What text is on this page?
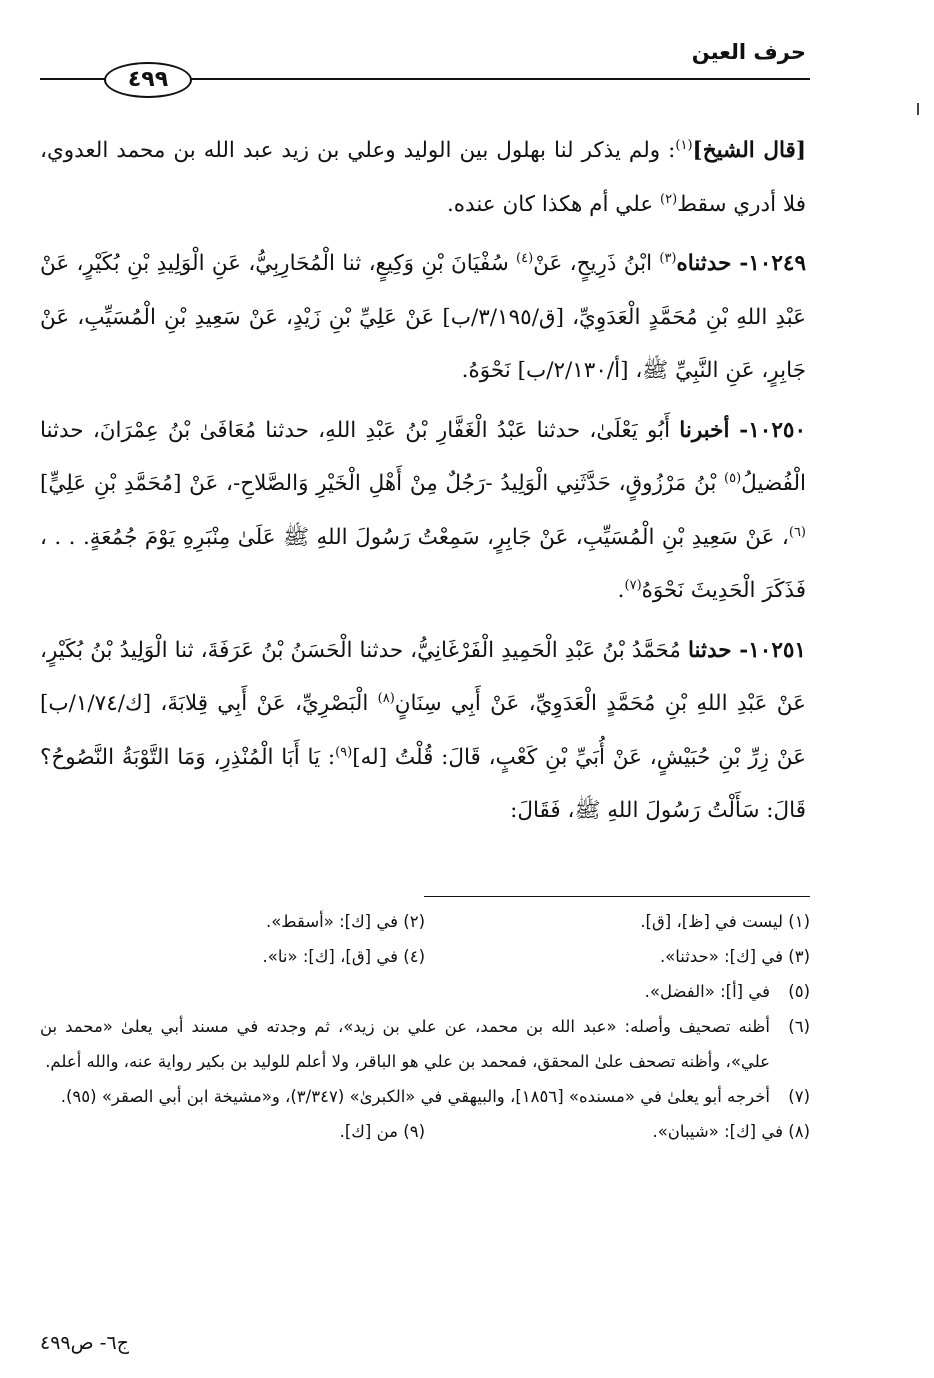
حرف العين
٤٩٩

[قال الشيخ]$^{(١)}$: ولم يذكر لنا بهلول بين الوليد وعلي بن زيد عبد الله بن محمد العدوي، فلا أدري سقط$^{(٢)}$ علي أم هكذا كان عنده.

١٠٢٤٩- حدثناه$^{(٣)}$ ابْنُ ذَرِيحٍ، عَنْ$^{(٤)}$ سُفْيَانَ بْنِ وَكِيعٍ، ثنا الْمُحَارِبِيُّ، عَنِ الْوَلِيدِ بْنِ بُكَيْرٍ، عَنْ عَبْدِ اللهِ بْنِ مُحَمَّدٍ الْعَدَوِيِّ، [ق/٣/١٩٥/ب] عَنْ عَلِيِّ بْنِ زَيْدٍ، عَنْ سَعِيدِ بْنِ الْمُسَيِّبِ، عَنْ جَابِرٍ، عَنِ النَّبِيِّ ﷺ، [أ/٢/١٣٠/ب] نَحْوَهُ.

١٠٢٥٠- أخبرنا أَبُو يَعْلَىٰ، حدثنا عَبْدُ الْغَفَّارِ بْنُ عَبْدِ اللهِ، حدثنا مُعَافَىٰ بْنُ عِمْرَانَ، حدثنا الْفُضيلُ$^{(٥)}$ بْنُ مَرْزُوقٍ، حَدَّثَنِي الْوَلِيدُ -رَجُلٌ مِنْ أَهْلِ الْخَيْرِ وَالصَّلاحِ-، عَنْ [مُحَمَّدِ بْنِ عَلِيٍّ]$^{(٦)}$، عَنْ سَعِيدِ بْنِ الْمُسَيِّبِ، عَنْ جَابِرٍ، سَمِعْتُ رَسُولَ اللهِ ﷺ عَلَىٰ مِنْبَرِهِ يَوْمَ جُمُعَةٍ. . . ، فَذَكَرَ الْحَدِيثَ نَحْوَهُ$^{(٧)}$.

١٠٢٥١- حدثنا مُحَمَّدُ بْنُ عَبْدِ الْحَمِيدِ الْفَرْغَانِيُّ، حدثنا الْحَسَنُ بْنُ عَرَفَةَ، ثنا الْوَلِيدُ بْنُ بُكَيْرٍ، عَنْ عَبْدِ اللهِ بْنِ مُحَمَّدٍ الْعَدَوِيِّ، عَنْ أَبِي سِنَانٍ$^{(٨)}$ الْبَصْرِيِّ، عَنْ أَبِي قِلابَةَ، [ك/١/٧٤/ب] عَنْ زِرِّ بْنِ حُبَيْشٍ، عَنْ أُبَيِّ بْنِ كَعْبٍ، قَالَ: قُلْتُ [له]$^{(٩)}$: يَا أَبَا الْمُنْذِرِ، وَمَا التَّوْبَةُ النَّصُوحُ؟ قَالَ: سَأَلْتُ رَسُولَ اللهِ ﷺ، فَقَالَ:

(١) ليست في [ظ]، [ق].
(٢) في [ك]: «أسقط».
(٣) في [ك]: «حدثنا».
(٤) في [ق]، [ك]: «نا».
(٥)
في [أ]: «الفضل».
(٦)
أظنه تصحيف وأصله: «عبد الله بن محمد، عن علي بن زيد»، ثم وجدته في مسند أبي يعلىٰ «محمد بن علي»، وأظنه تصحف علىٰ المحقق، فمحمد بن علي هو الباقر، ولا أعلم للوليد بن بكير رواية عنه، والله أعلم.
(٧)
أخرجه أبو يعلىٰ في «مسنده» [١٨٥٦]، والبيهقي في «الكبرىٰ» (٣/٣٤٧)، و«مشيخة ابن أبي الصقر» (٩٥).
(٨) في [ك]: «شيبان».
(٩) من [ك].
ج٦- ص٤٩٩
